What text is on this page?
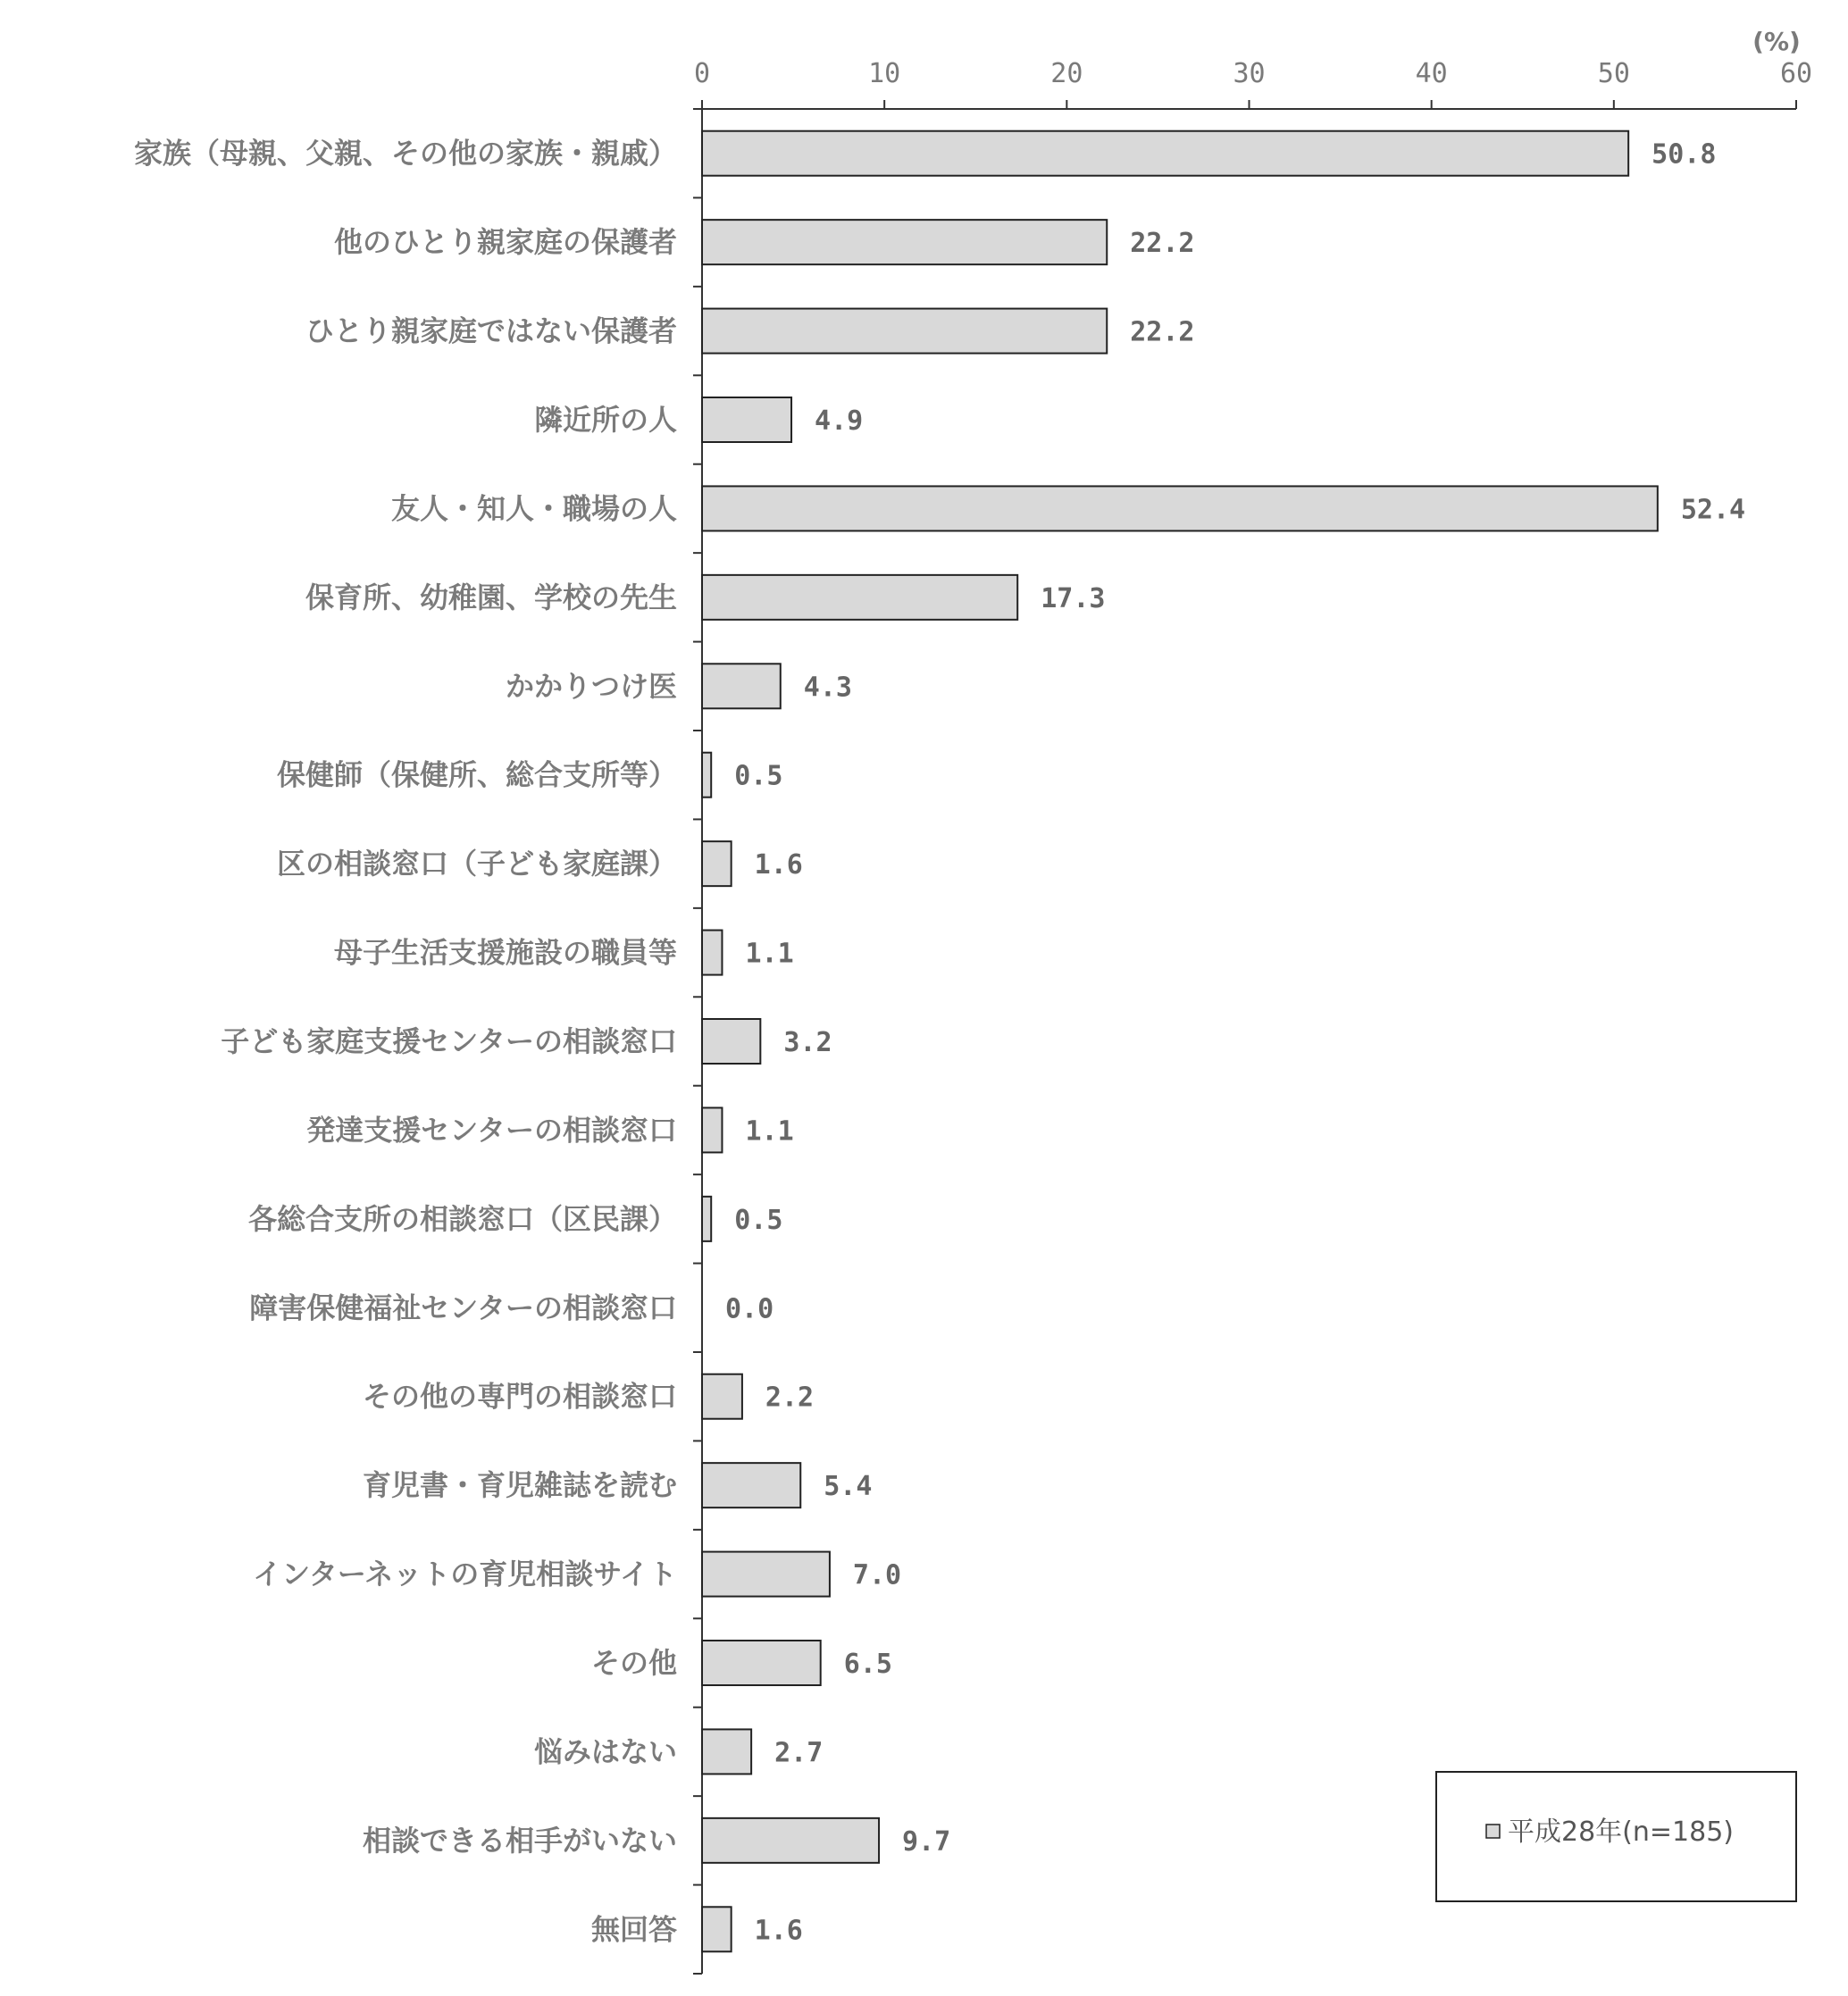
0	10	20	30	40	50	60
(%)
家族（母親、父親、その他の家族・親戚）
他のひとり親家庭の保護者
ひとり親家庭ではない保護者
隣近所の人
友人・知人・職場の人
保育所、幼稚園、学校の先生
かかりつけ医
保健師（保健所、総合支所等）
区の相談窓口（子ども家庭課）
母子生活支援施設の職員等
子ども家庭支援センターの相談窓口
発達支援センターの相談窓口
各総合支所の相談窓口（区民課）
障害保健福祉センターの相談窓口
その他の専門の相談窓口
育児書・育児雑誌を読む
インターネットの育児相談サイト
その他
悩みはない
相談できる相手がいない
無回答
50.8
22.2
22.2
4.9
52.4
17.3
4.3
0.5
1.6
1.1
3.2
1.1
0.5
0.0
2.2
5.4
7.0
6.5
2.7
9.7
1.6
平成28年(n=185)
